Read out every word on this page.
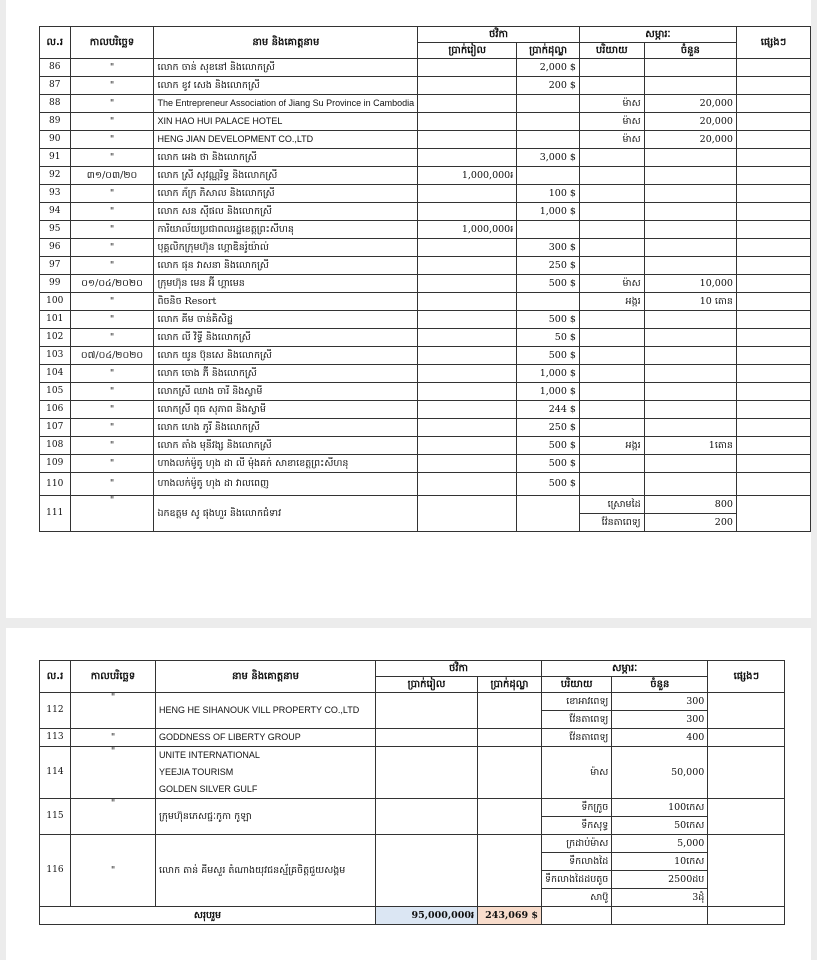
ល.រ	កាលបរិច្ឆេទ	នាម និងគោត្តនាម	ថវិកា		សម្ភារៈ		ផ្សេងៗ
			ប្រាក់រៀល	ប្រាក់ដុល្លា	បរិយាយ	ចំនួន	
86	"	លោក ចាន់ សុខនៅ និងលោកស្រី		2,000 $			
87	"	លោក ខូវ សេង និងលោកស្រី		200 $			
88	"	The Entrepreneur Association of Jiang Su Province in Cambodia			ម៉ាស	20,000	
89	"	XIN HAO HUI PALACE HOTEL			ម៉ាស	20,000	
90	"	HENG JIAN DEVELOPMENT CO.,LTD			ម៉ាស	20,000	
91	"	លោក អេង ថា និងលោកស្រី		3,000 $			
92	៣១/០៣/២០	លោក ស្រី សុវណ្ណរិទ្ធ និងលោកស្រី	1,000,000៛				
93	"	លោក ភ័ក្រ ភិសាល និងលោកស្រី		100 $			
94	"	លោក សន ស៊ីផល និងលោកស្រី		1,000 $			
95	"	ការិយាល័យប្រជាពលរដ្ឋខេត្តព្រះសីហនុ	1,000,000៛				
96	"	បុគ្គលិកក្រុមហ៊ុន ហ្គោឌិនរ៉ូយ៉ាល់		300 $			
97	"	លោក ផុន វាសនា និងលោកស្រី		250 $			
99	០១/០៤/២០២០	ក្រុមហ៊ុន មេន អ៊ី ហ្គាមេន		500 $	ម៉ាស	10,000	
100	"	ពិចនិច Resort			អង្ករ	10 តោន	
101	"	លោក គីម ចាន់គិសិដ្ឋ		500 $			
102	"	លោក លី វិទ្ធី និងលោកស្រី		50 $			
103	០៧/០៤/២០២០	លោក យូន ប៊ុនសេ និងលោកស្រី		500 $			
104	"	លោក ចោង ភ៊ី និងលោកស្រី		1,000 $			
105	"	លោកស្រី ឈាង ចារី និងស្វាមី		1,000 $			
106	"	លោកស្រី ពុធ សុភាព និងស្វាមី		244 $			
107	"	លោក ហេង ភូរី និងលោកស្រី		250 $			
108	"	លោក តាំង មុនីវង្ស និងលោកស្រី		500 $	អង្ករ	1តោន	
109	"	ហាងលក់ម៉ូតូ ហុង ដា លី ម៉ុងគក់ សាខាខេត្តព្រះសីហនុ		500 $			
110	"	ហាងលក់ម៉ូតូ ហុង ដា វាលពេញ		500 $			
111	"	ឯកឧត្តម សូ ផុងហួរ និងលោកជំទាវ			ស្រោមដៃ	800	
					វ៉ែនតាពេទ្យ	200	
ល.រ	កាលបរិច្ឆេទ	នាម និងគោត្តនាម	ថវិកា		សម្ភារៈ		ផ្សេងៗ
			ប្រាក់រៀល	ប្រាក់ដុល្លា	បរិយាយ	ចំនួន	
112	"	HENG HE SIHANOUK VILL PROPERTY CO.,LTD			ខោអាវពេទ្យ	300	
					វ៉ែនតាពេទ្យ	300	
113	"	GODDNESS OF LIBERTY GROUP			វ៉ែនតាពេទ្យ	400	
114	"	UNITE INTERNATIONAL
YEEJIA TOURISM
GOLDEN SILVER GULF			ម៉ាស	50,000	
115	"	ក្រុមហ៊ុនភេសជ្ជៈកូកា កូឡា			ទឹកក្រូច	100កេស	
					ទឹកសុទ្ធ	50កេស	
116	"	លោក តាន់ គីមសួរ តំណាងយុវជនស្ម័គ្រចិត្តជួយសង្គម			ក្រដាប់ម៉ាស	5,000	
					ទឹកលាងដៃ	10កេស	
					ទឹកលាងដៃដបតូច	2500ដប	
					សាប៊ូ	3ដុំ	
សរុបរួម			95,000,000៛	243,069 $			
